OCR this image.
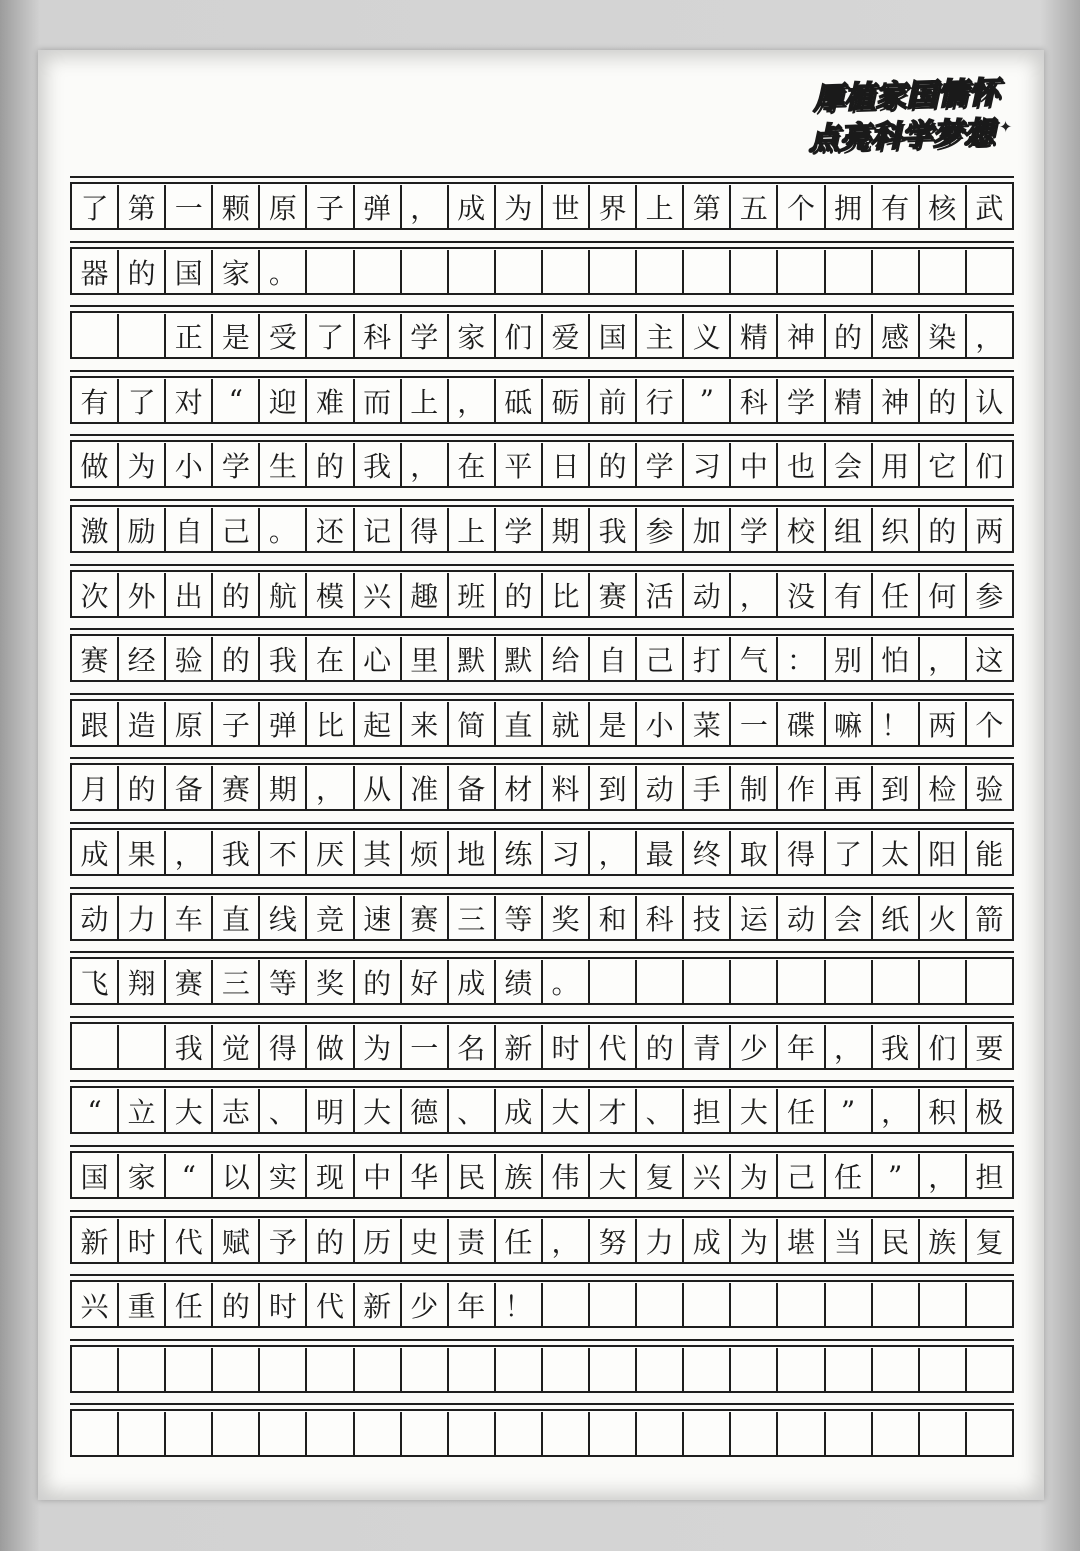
厚植家国情怀
点亮科学梦想 ✦
了 第 一 颗 原 子 弹 ， 成 为 世 界 上 第 五 个 拥 有 核 武
器 的 国 家 。
正 是 受 了 科 学 家 们 爱 国 主 义 精 神 的 感 染 ，
有 了 对 “ 迎 难 而 上 ， 砥 砺 前 行 ” 科 学 精 神 的 认
做 为 小 学 生 的 我 ， 在 平 日 的 学 习 中 也 会 用 它 们
激 励 自 己 。 还 记 得 上 学 期 我 参 加 学 校 组 织 的 两
次 外 出 的 航 模 兴 趣 班 的 比 赛 活 动 ， 没 有 任 何 参
赛 经 验 的 我 在 心 里 默 默 给 自 己 打 气 ： 别 怕 ， 这
跟 造 原 子 弹 比 起 来 简 直 就 是 小 菜 一 碟 嘛 ！ 两 个
月 的 备 赛 期 ， 从 准 备 材 料 到 动 手 制 作 再 到 检 验
成 果 ， 我 不 厌 其 烦 地 练 习 ， 最 终 取 得 了 太 阳 能
动 力 车 直 线 竞 速 赛 三 等 奖 和 科 技 运 动 会 纸 火 箭
飞 翔 赛 三 等 奖 的 好 成 绩 。
我 觉 得 做 为 一 名 新 时 代 的 青 少 年 ， 我 们 要
“ 立 大 志 、 明 大 德 、 成 大 才 、 担 大 任 ” ， 积 极
国 家 “ 以 实 现 中 华 民 族 伟 大 复 兴 为 己 任 ” ， 担
新 时 代 赋 予 的 历 史 责 任 ， 努 力 成 为 堪 当 民 族 复
兴 重 任 的 时 代 新 少 年 ！
